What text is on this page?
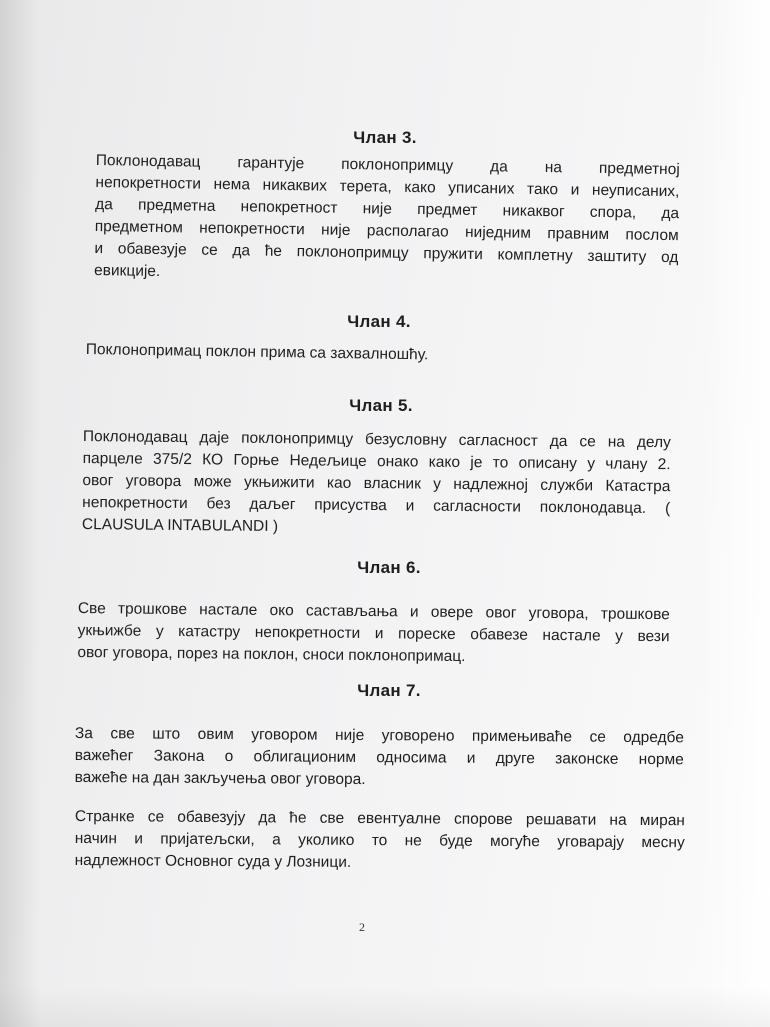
Члан 3.
Поклонодавац гарантује поклонопримцу да на предметној
непокретности нема никаквих терета, како уписаних тако и неуписаних,
да предметна непокретност није предмет никаквог спора, да
предметном непокретности није располагао ниједним правним послом
и обавезује се да ће поклонопримцу пружити комплетну заштиту од
евикције.
Члан 4.
Поклонопримац поклон прима са захвалношћу.
Члан 5.
Поклонодавац даје поклонопримцу безусловну сагласност да се на делу
парцеле 375/2 КО Горње Недељице онако како је то описану у члану 2.
овог уговора може укњижити као власник у надлежној служби Катастра
непокретности без даљег присуства и сагласности поклонодавца. (
CLAUSULA INTABULANDI )
Члан 6.
Све трошкове настале око састављања и овере овог уговора, трошкове
укњижбе у катастру непокретности и пореске обавезе настале у вези
овог уговора, порез на поклон, сноси поклонопримац.
Члан 7.
За све што овим уговором није уговорено примењиваће се одредбе
важећег Закона о облигационим односима и друге законске норме
важеће на дан закључења овог уговора.
Странке се обавезују да ће све евентуалне спорове решавати на миран
начин и пријатељски, а уколико то не буде могуће уговарају месну
надлежност Основног суда у Лозници.
2
